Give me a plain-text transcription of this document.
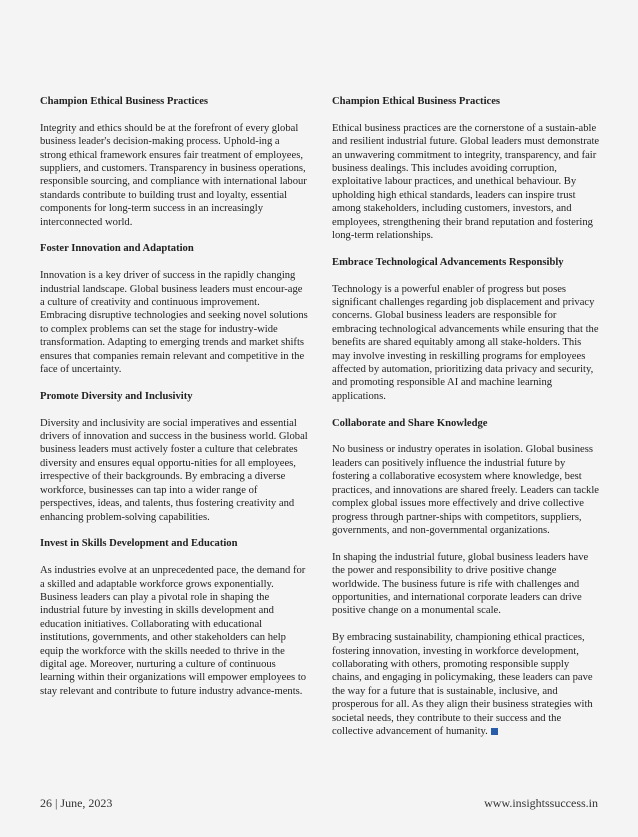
Champion Ethical Business Practices
Integrity and ethics should be at the forefront of every global business leader's decision-making process. Uphold-ing a strong ethical framework ensures fair treatment of employees, suppliers, and customers. Transparency in business operations, responsible sourcing, and compliance with international labour standards contribute to building trust and loyalty, essential components for long-term success in an increasingly interconnected world.
Foster Innovation and Adaptation
Innovation is a key driver of success in the rapidly changing industrial landscape. Global business leaders must encour-age a culture of creativity and continuous improvement. Embracing disruptive technologies and seeking novel solutions to complex problems can set the stage for industry-wide transformation. Adapting to emerging trends and market shifts ensures that companies remain relevant and competitive in the face of uncertainty.
Promote Diversity and Inclusivity
Diversity and inclusivity are social imperatives and essential drivers of innovation and success in the business world. Global business leaders must actively foster a culture that celebrates diversity and ensures equal opportu-nities for all employees, irrespective of their backgrounds. By embracing a diverse workforce, businesses can tap into a wider range of perspectives, ideas, and talents, thus fostering creativity and enhancing problem-solving capabilities.
Invest in Skills Development and Education
As industries evolve at an unprecedented pace, the demand for a skilled and adaptable workforce grows exponentially. Business leaders can play a pivotal role in shaping the industrial future by investing in skills development and education initiatives. Collaborating with educational institutions, governments, and other stakeholders can help equip the workforce with the skills needed to thrive in the digital age. Moreover, nurturing a culture of continuous learning within their organizations will empower employees to stay relevant and contribute to future industry advance-ments.
Champion Ethical Business Practices
Ethical business practices are the cornerstone of a sustain-able and resilient industrial future. Global leaders must demonstrate an unwavering commitment to integrity, transparency, and fair business dealings. This includes avoiding corruption, exploitative labour practices, and unethical behaviour. By upholding high ethical standards, leaders can inspire trust among stakeholders, including customers, investors, and employees, strengthening their brand reputation and fostering long-term relationships.
Embrace Technological Advancements Responsibly
Technology is a powerful enabler of progress but poses significant challenges regarding job displacement and privacy concerns. Global business leaders are responsible for embracing technological advancements while ensuring that the benefits are shared equitably among all stake-holders. This may involve investing in reskilling programs for employees affected by automation, prioritizing data privacy and security, and promoting responsible AI and machine learning applications.
Collaborate and Share Knowledge
No business or industry operates in isolation. Global business leaders can positively influence the industrial future by fostering a collaborative ecosystem where knowledge, best practices, and innovations are shared freely. Leaders can tackle complex global issues more effectively and drive collective progress through partner-ships with competitors, suppliers, governments, and non-governmental organizations.
In shaping the industrial future, global business leaders have the power and responsibility to drive positive change worldwide. The business future is rife with challenges and opportunities, and international corporate leaders can drive positive change on a monumental scale.
By embracing sustainability, championing ethical practices, fostering innovation, investing in workforce development, collaborating with others, promoting responsible supply chains, and engaging in policymaking, these leaders can pave the way for a future that is sustainable, inclusive, and prosperous for all. As they align their business strategies with societal needs, they contribute to their success and the collective advancement of humanity.
26 | June, 2023	www.insightssuccess.in
